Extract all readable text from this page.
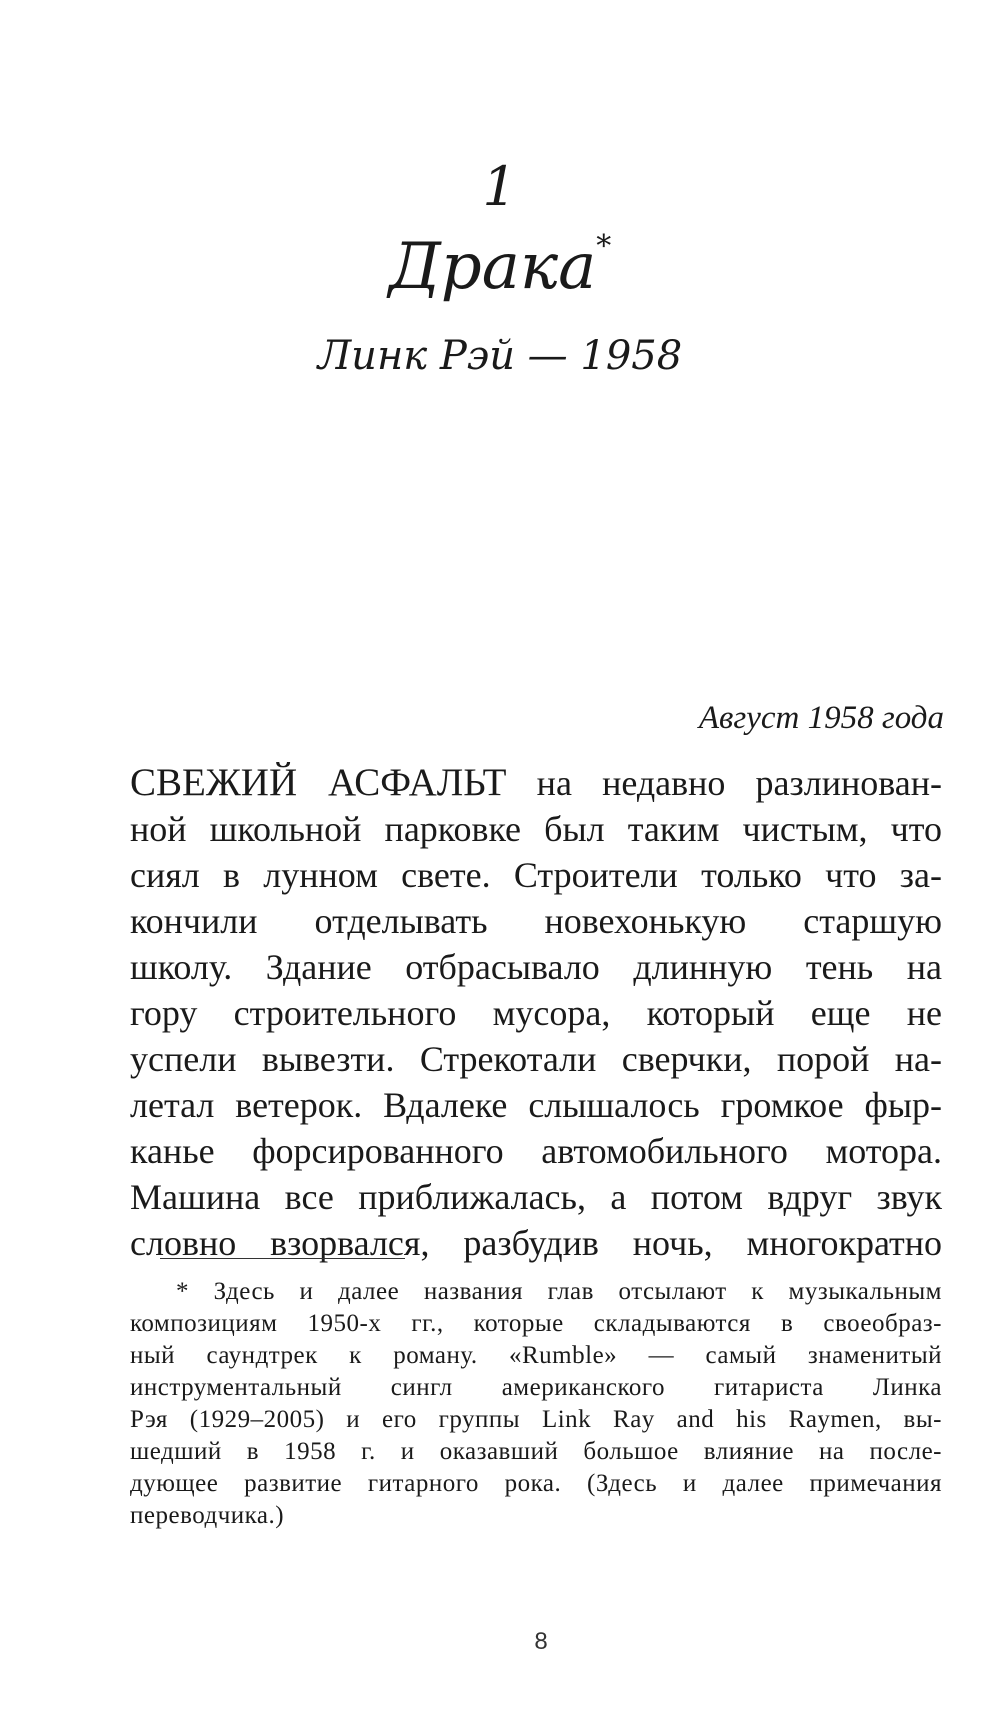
1
Драка*
Линк Рэй — 1958
Август 1958 года
СВЕЖИЙ АСФАЛЬТ на недавно разлинован-
ной школьной парковке был таким чистым, что
сиял в лунном свете. Строители только что за-
кончили отделывать новехонькую старшую
школу. Здание отбрасывало длинную тень на
гору строительного мусора, который еще не
успели вывезти. Стрекотали сверчки, порой на-
летал ветерок. Вдалеке слышалось громкое фыр-
канье форсированного автомобильного мотора.
Машина все приближалась, а потом вдруг звук
словно взорвался, разбудив ночь, многократно
* Здесь и далее названия глав отсылают к музыкальным
композициям 1950-х гг., которые складываются в своеобраз-
ный саундтрек к роману. «Rumble» — самый знаменитый
инструментальный сингл американского гитариста Линка
Рэя (1929–2005) и его группы Link Ray and his Raymen, вы-
шедший в 1958 г. и оказавший большое влияние на после-
дующее развитие гитарного рока. (Здесь и далее примечания
переводчика.)
8
